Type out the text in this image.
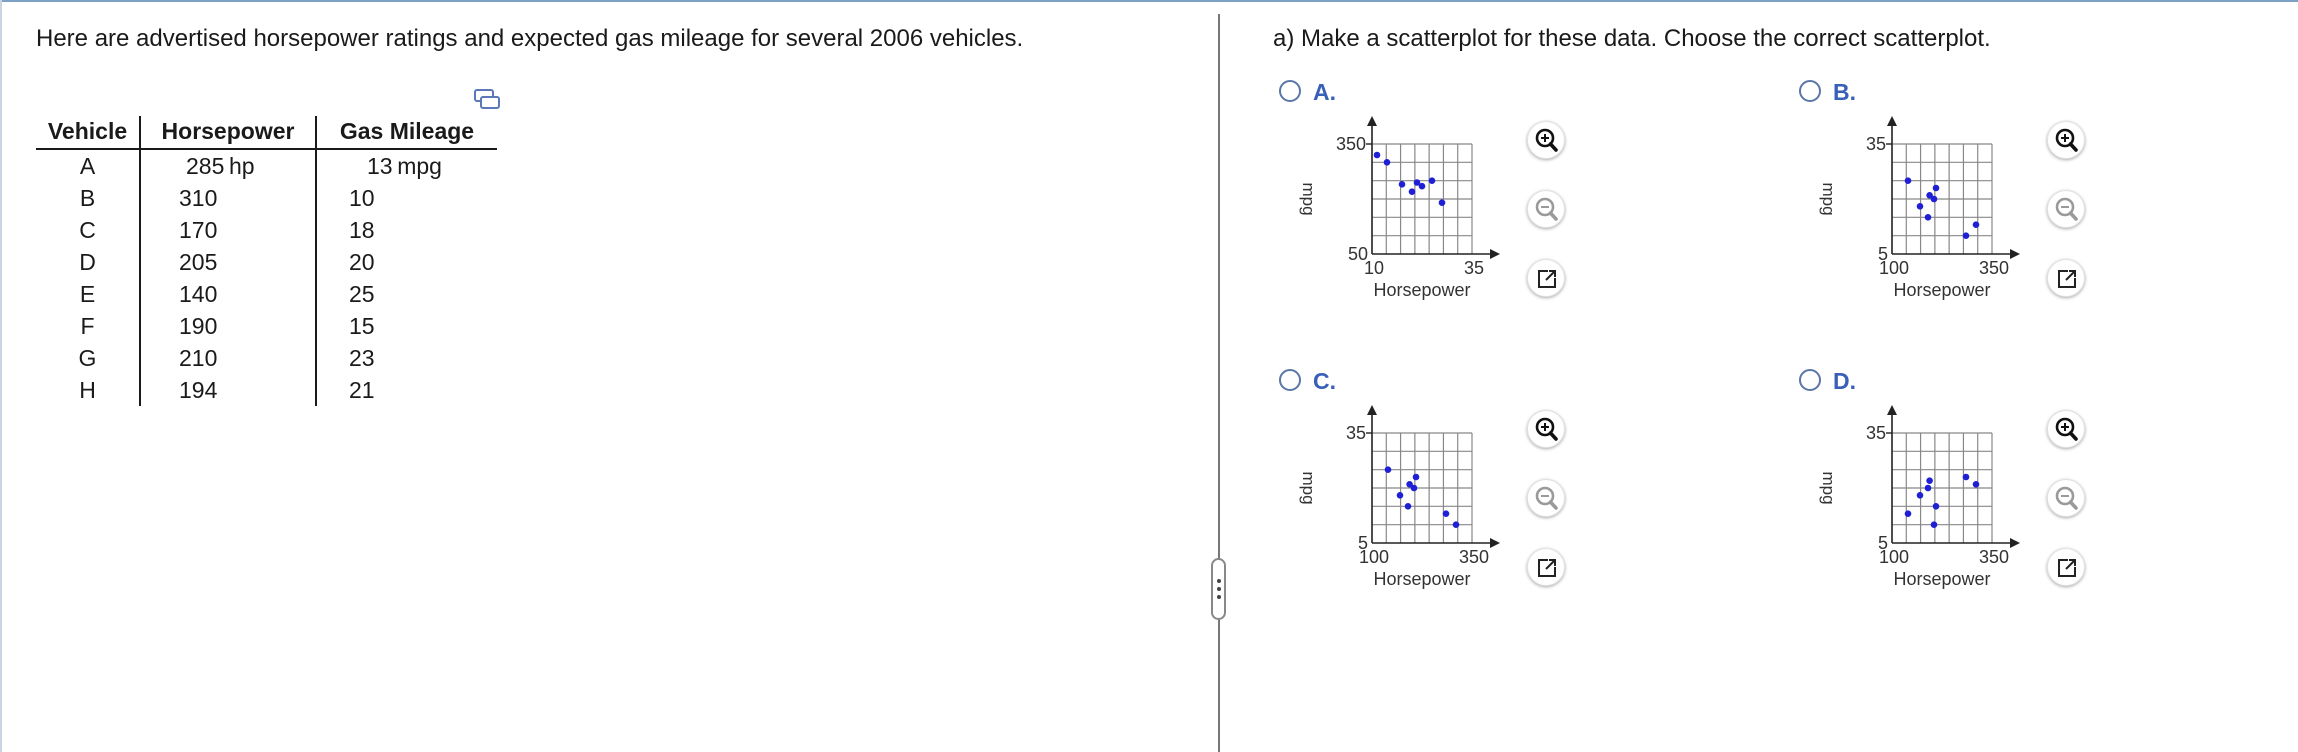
Here are advertised horsepower ratings and expected gas mileage for several 2006 vehicles.
Vehicle	Horsepower	Gas Mileage
A	285 hp	13 mpg
B	310	10
C	170	18
D	205	20
E	140	25
F	190	15
G	210	23
H	194	21
a) Make a scatterplot for these data. Choose the correct scatterplot.
A.
350
50
10	35
Horsepower
mpg
B.
35
5
100	350
Horsepower
mpg
C.
35
5
100	350
Horsepower
mpg
D.
35
5
100	350
Horsepower
mpg
